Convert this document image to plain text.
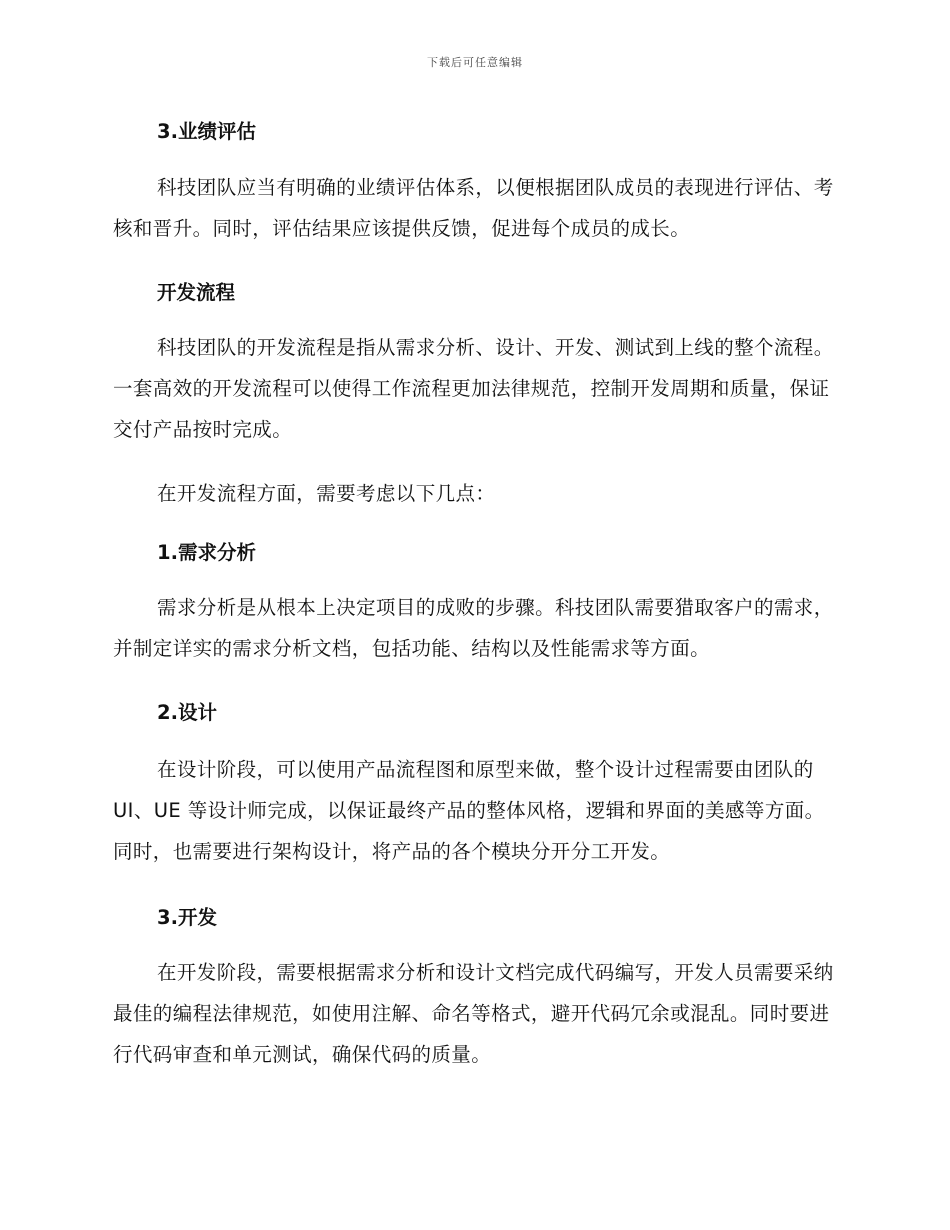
下载后可任意编辑
3.业绩评估
科技团队应当有明确的业绩评估体系，以便根据团队成员的表现进行评估、考核和晋升。同时，评估结果应该提供反馈，促进每个成员的成长。
开发流程
科技团队的开发流程是指从需求分析、设计、开发、测试到上线的整个流程。一套高效的开发流程可以使得工作流程更加法律规范，控制开发周期和质量，保证交付产品按时完成。
在开发流程方面，需要考虑以下几点：
1.需求分析
需求分析是从根本上决定项目的成败的步骤。科技团队需要猎取客户的需求，并制定详实的需求分析文档，包括功能、结构以及性能需求等方面。
2.设计
在设计阶段，可以使用产品流程图和原型来做，整个设计过程需要由团队的 UI、UE 等设计师完成，以保证最终产品的整体风格，逻辑和界面的美感等方面。同时，也需要进行架构设计，将产品的各个模块分开分工开发。
3.开发
在开发阶段，需要根据需求分析和设计文档完成代码编写，开发人员需要采纳最佳的编程法律规范，如使用注解、命名等格式，避开代码冗余或混乱。同时要进行代码审查和单元测试，确保代码的质量。
